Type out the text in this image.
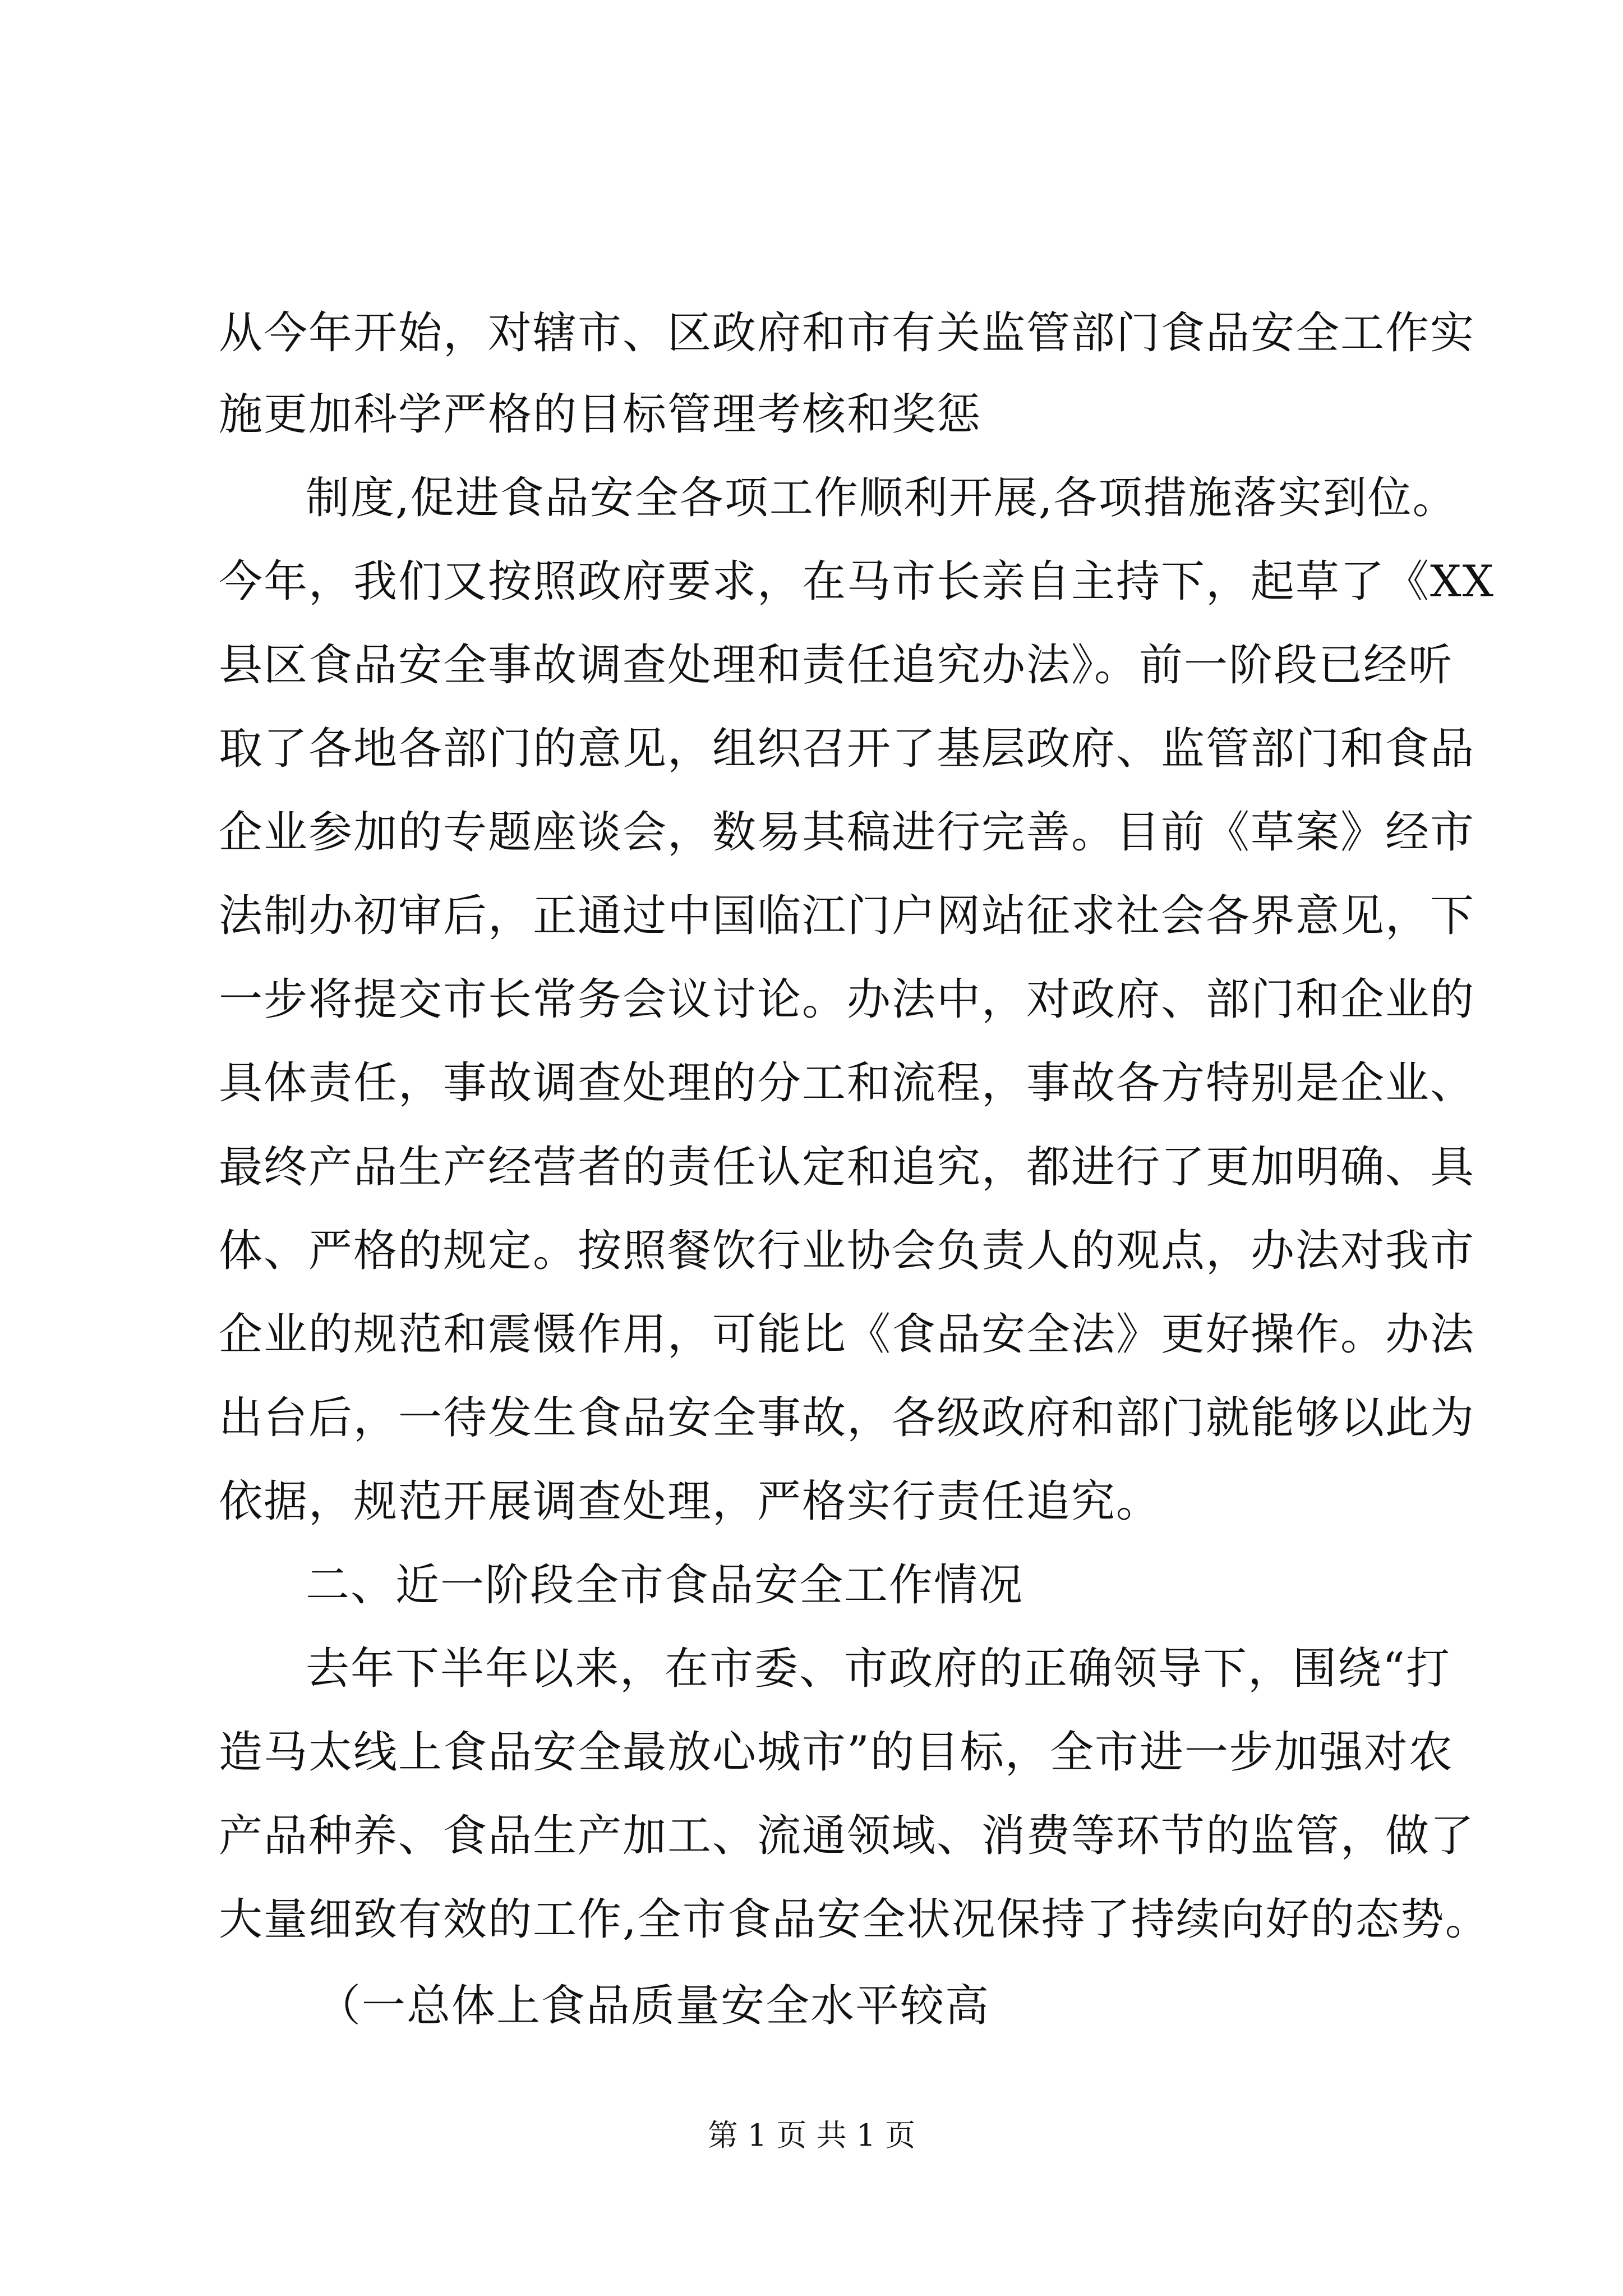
从今年开始，对辖市、区政府和市有关监管部门食品安全工作实
施更加科学严格的目标管理考核和奖惩
制度,促进食品安全各项工作顺利开展,各项措施落实到位。
今年，我们又按照政府要求，在马市长亲自主持下，起草了《XX
县区食品安全事故调查处理和责任追究办法》。前一阶段已经听
取了各地各部门的意见，组织召开了基层政府、监管部门和食品
企业参加的专题座谈会，数易其稿进行完善。目前《草案》经市
法制办初审后，正通过中国临江门户网站征求社会各界意见，下
一步将提交市长常务会议讨论。办法中，对政府、部门和企业的
具体责任，事故调查处理的分工和流程，事故各方特别是企业、
最终产品生产经营者的责任认定和追究，都进行了更加明确、具
体、严格的规定。按照餐饮行业协会负责人的观点，办法对我市
企业的规范和震慑作用，可能比《食品安全法》更好操作。办法
出台后，一待发生食品安全事故，各级政府和部门就能够以此为
依据，规范开展调查处理，严格实行责任追究。
二、近一阶段全市食品安全工作情况
去年下半年以来，在市委、市政府的正确领导下，围绕“打
造马太线上食品安全最放心城市”的目标，全市进一步加强对农
产品种养、食品生产加工、流通领域、消费等环节的监管，做了
大量细致有效的工作,全市食品安全状况保持了持续向好的态势。
（一总体上食品质量安全水平较高
第 1 页 共 1 页
